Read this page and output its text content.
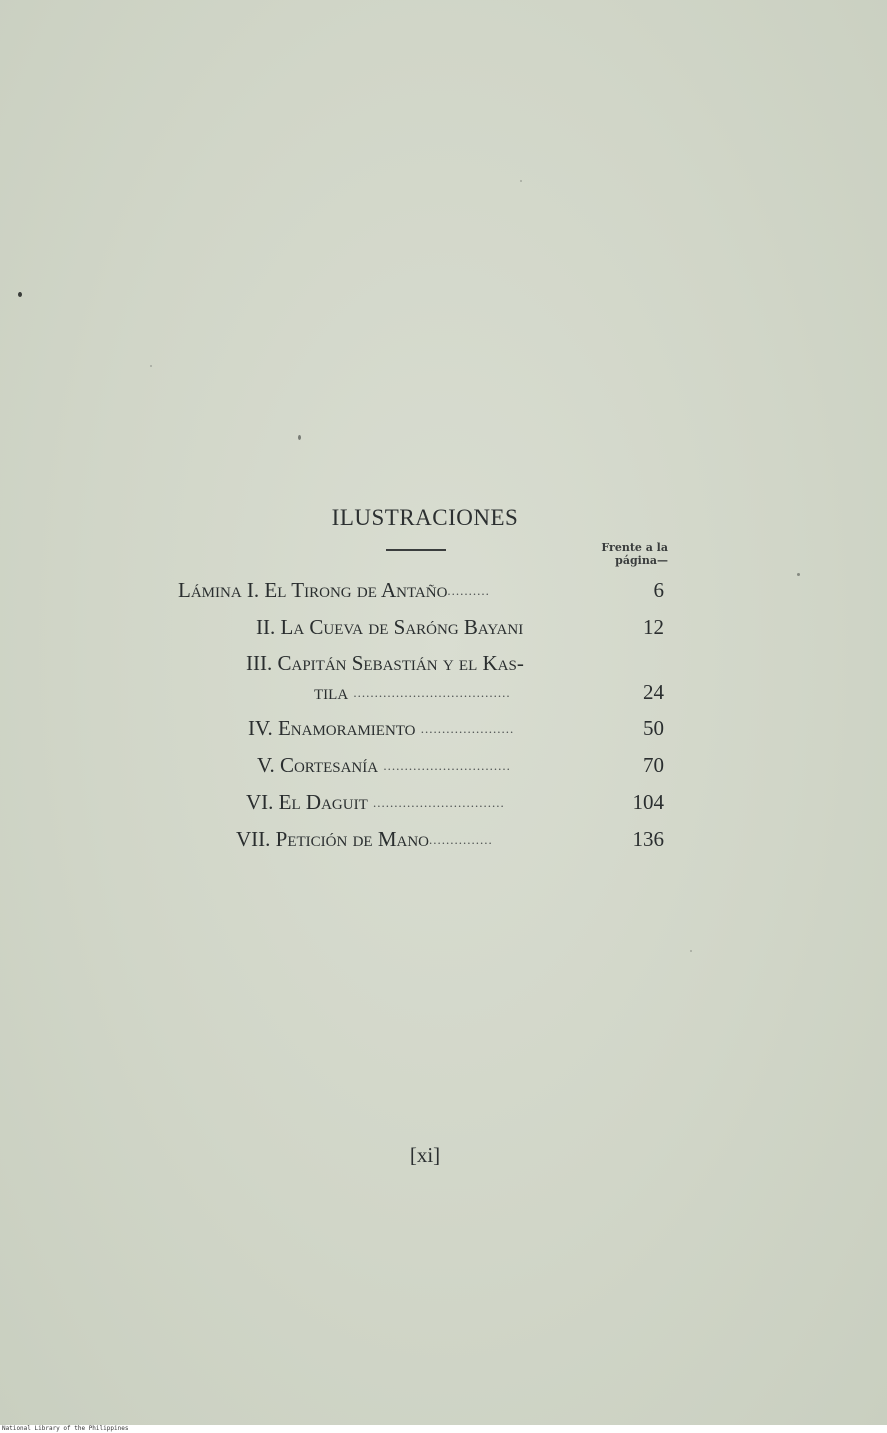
ILUSTRACIONES
Frente a la
página—
Lámina I. El Tirong de Antaño..........	6
II. La Cueva de Saróng Bayani	12
III. Capitán Sebastián y el Kas-
tila .....................................	24
IV. Enamoramiento ......................	50
V. Cortesanía ..............................	70
VI. El Daguit ...............................	104
VII. Petición de Mano...............	136
[xi]
National Library of the Philippines
